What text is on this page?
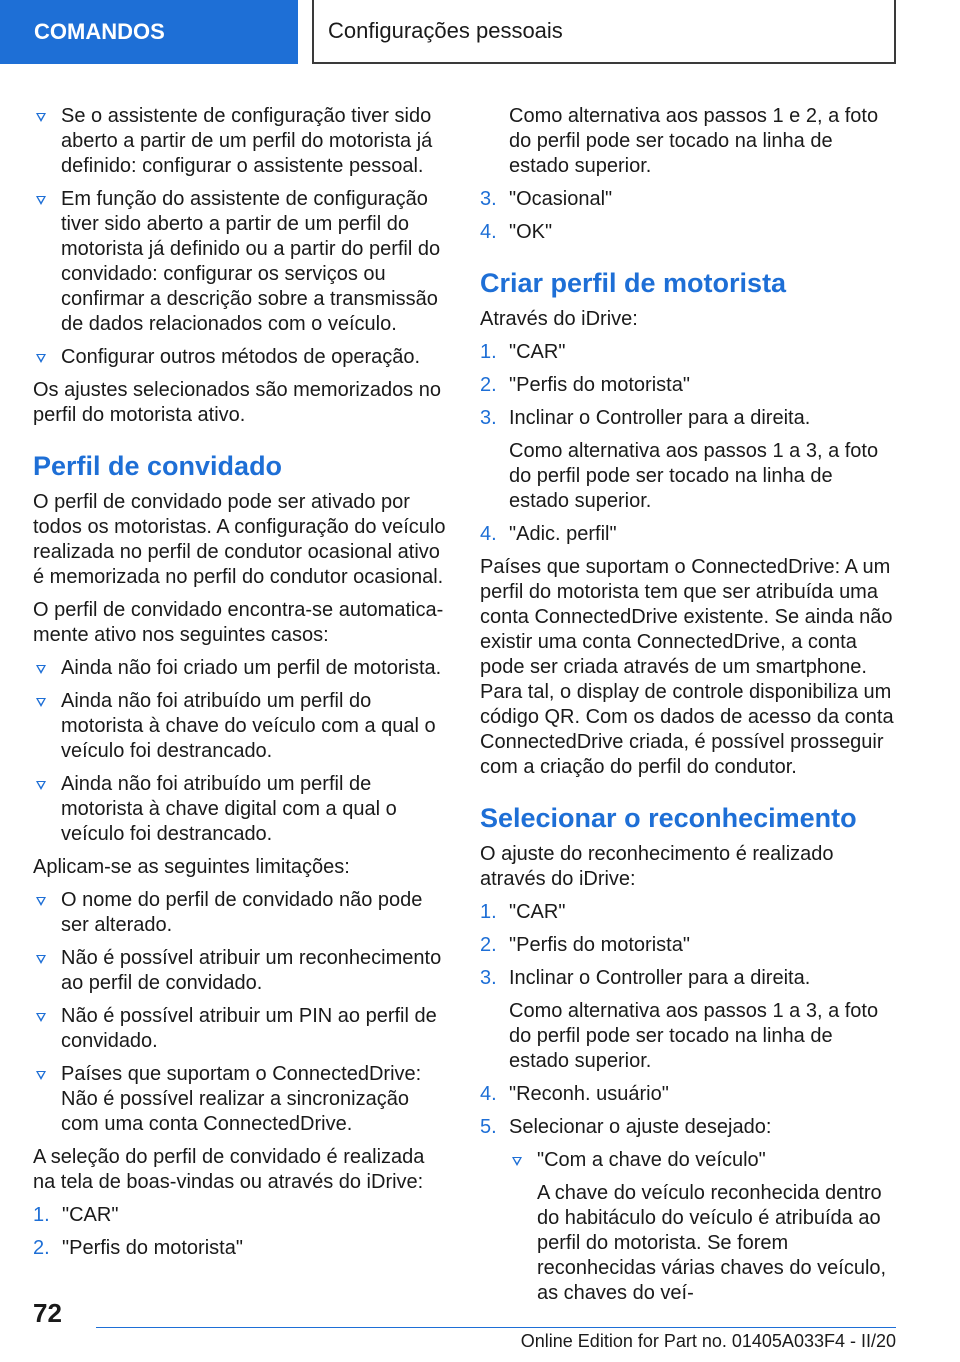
COMANDOS	Configurações pessoais
Se o assistente de configuração tiver sido aberto a partir de um perfil do motorista já definido: configurar o assistente pessoal.
Em função do assistente de configuração tiver sido aberto a partir de um perfil do motorista já definido ou a partir do perfil do convidado: configurar os serviços ou confirmar a descrição sobre a transmissão de dados relacionados com o veículo.
Configurar outros métodos de operação.

Os ajustes selecionados são memorizados no perfil do motorista ativo.

Perfil de convidado

O perfil de convidado pode ser ativado por todos os motoristas. A configuração do veículo realizada no perfil de condutor ocasional ativo é memorizada no perfil do condutor ocasional.

O perfil de convidado encontra-se automaticamente ativo nos seguintes casos:

Ainda não foi criado um perfil de motorista.
Ainda não foi atribuído um perfil do motorista à chave do veículo com a qual o veículo foi destrancado.
Ainda não foi atribuído um perfil de motorista à chave digital com a qual o veículo foi destrancado.

Aplicam-se as seguintes limitações:

O nome do perfil de convidado não pode ser alterado.
Não é possível atribuir um reconhecimento ao perfil de convidado.
Não é possível atribuir um PIN ao perfil de convidado.
Países que suportam o ConnectedDrive: Não é possível realizar a sincronização com uma conta ConnectedDrive.

A seleção do perfil de convidado é realizada na tela de boas-vindas ou através do iDrive:

1. "CAR"
2. "Perfis do motorista"

Como alternativa aos passos 1 e 2, a foto do perfil pode ser tocado na linha de estado superior.

3. "Ocasional"
4. "OK"
Criar perfil de motorista

Através do iDrive:

1. "CAR"
2. "Perfis do motorista"
3. Inclinar o Controller para a direita.

Como alternativa aos passos 1 a 3, a foto do perfil pode ser tocado na linha de estado superior.

4. "Adic. perfil"

Países que suportam o ConnectedDrive: A um perfil do motorista tem que ser atribuída uma conta ConnectedDrive existente. Se ainda não existir uma conta ConnectedDrive, a conta pode ser criada através de um smartphone. Para tal, o display de controle disponibiliza um código QR. Com os dados de acesso da conta ConnectedDrive criada, é possível prosseguir com a criação do perfil do condutor.

Selecionar o reconhecimento

O ajuste do reconhecimento é realizado através do iDrive:

1. "CAR"
2. "Perfis do motorista"
3. Inclinar o Controller para a direita.

Como alternativa aos passos 1 a 3, a foto do perfil pode ser tocado na linha de estado superior.

4. "Reconh. usuário"
5. Selecionar o ajuste desejado:
"Com a chave do veículo"

A chave do veículo reconhecida dentro do habitáculo do veículo é atribuída ao perfil do motorista. Se forem reconhecidas várias chaves do veículo, as chaves do veí-

72
Online Edition for Part no. 01405A033F4 - II/20
